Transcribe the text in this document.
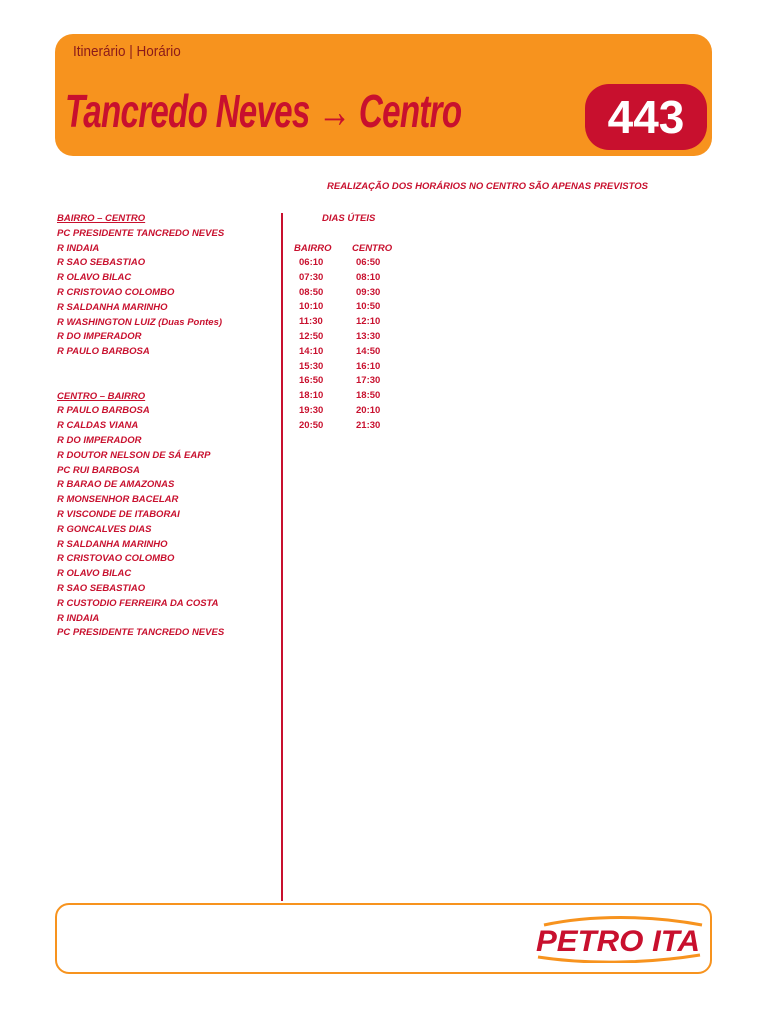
Itinerário | Horário
Tancredo Neves → Centro	443
REALIZAÇÃO DOS HORÁRIOS NO CENTRO SÃO APENAS PREVISTOS
BAIRRO – CENTRO
PC PRESIDENTE TANCREDO NEVES
R INDAIA
R SAO SEBASTIAO
R OLAVO BILAC
R CRISTOVAO COLOMBO
R SALDANHA MARINHO
R WASHINGTON LUIZ (Duas Pontes)
R DO IMPERADOR
R PAULO BARBOSA
CENTRO – BAIRRO
R PAULO BARBOSA
R CALDAS VIANA
R DO IMPERADOR
R DOUTOR NELSON DE SÁ EARP
PC RUI BARBOSA
R BARAO DE AMAZONAS
R MONSENHOR BACELAR
R VISCONDE DE ITABORAI
R GONCALVES DIAS
R SALDANHA MARINHO
R CRISTOVAO COLOMBO
R OLAVO BILAC
R SAO SEBASTIAO
R CUSTODIO FERREIRA DA COSTA
R INDAIA
PC PRESIDENTE TANCREDO NEVES
DIAS ÚTEIS
BAIRRO CENTRO
06:10
07:30
08:50
10:10
11:30
12:50
14:10
15:30
16:50
18:10
19:30
20:50
06:50
08:10
09:30
10:50
12:10
13:30
14:50
16:10
17:30
18:50
20:10
21:30
PETRO ITA
